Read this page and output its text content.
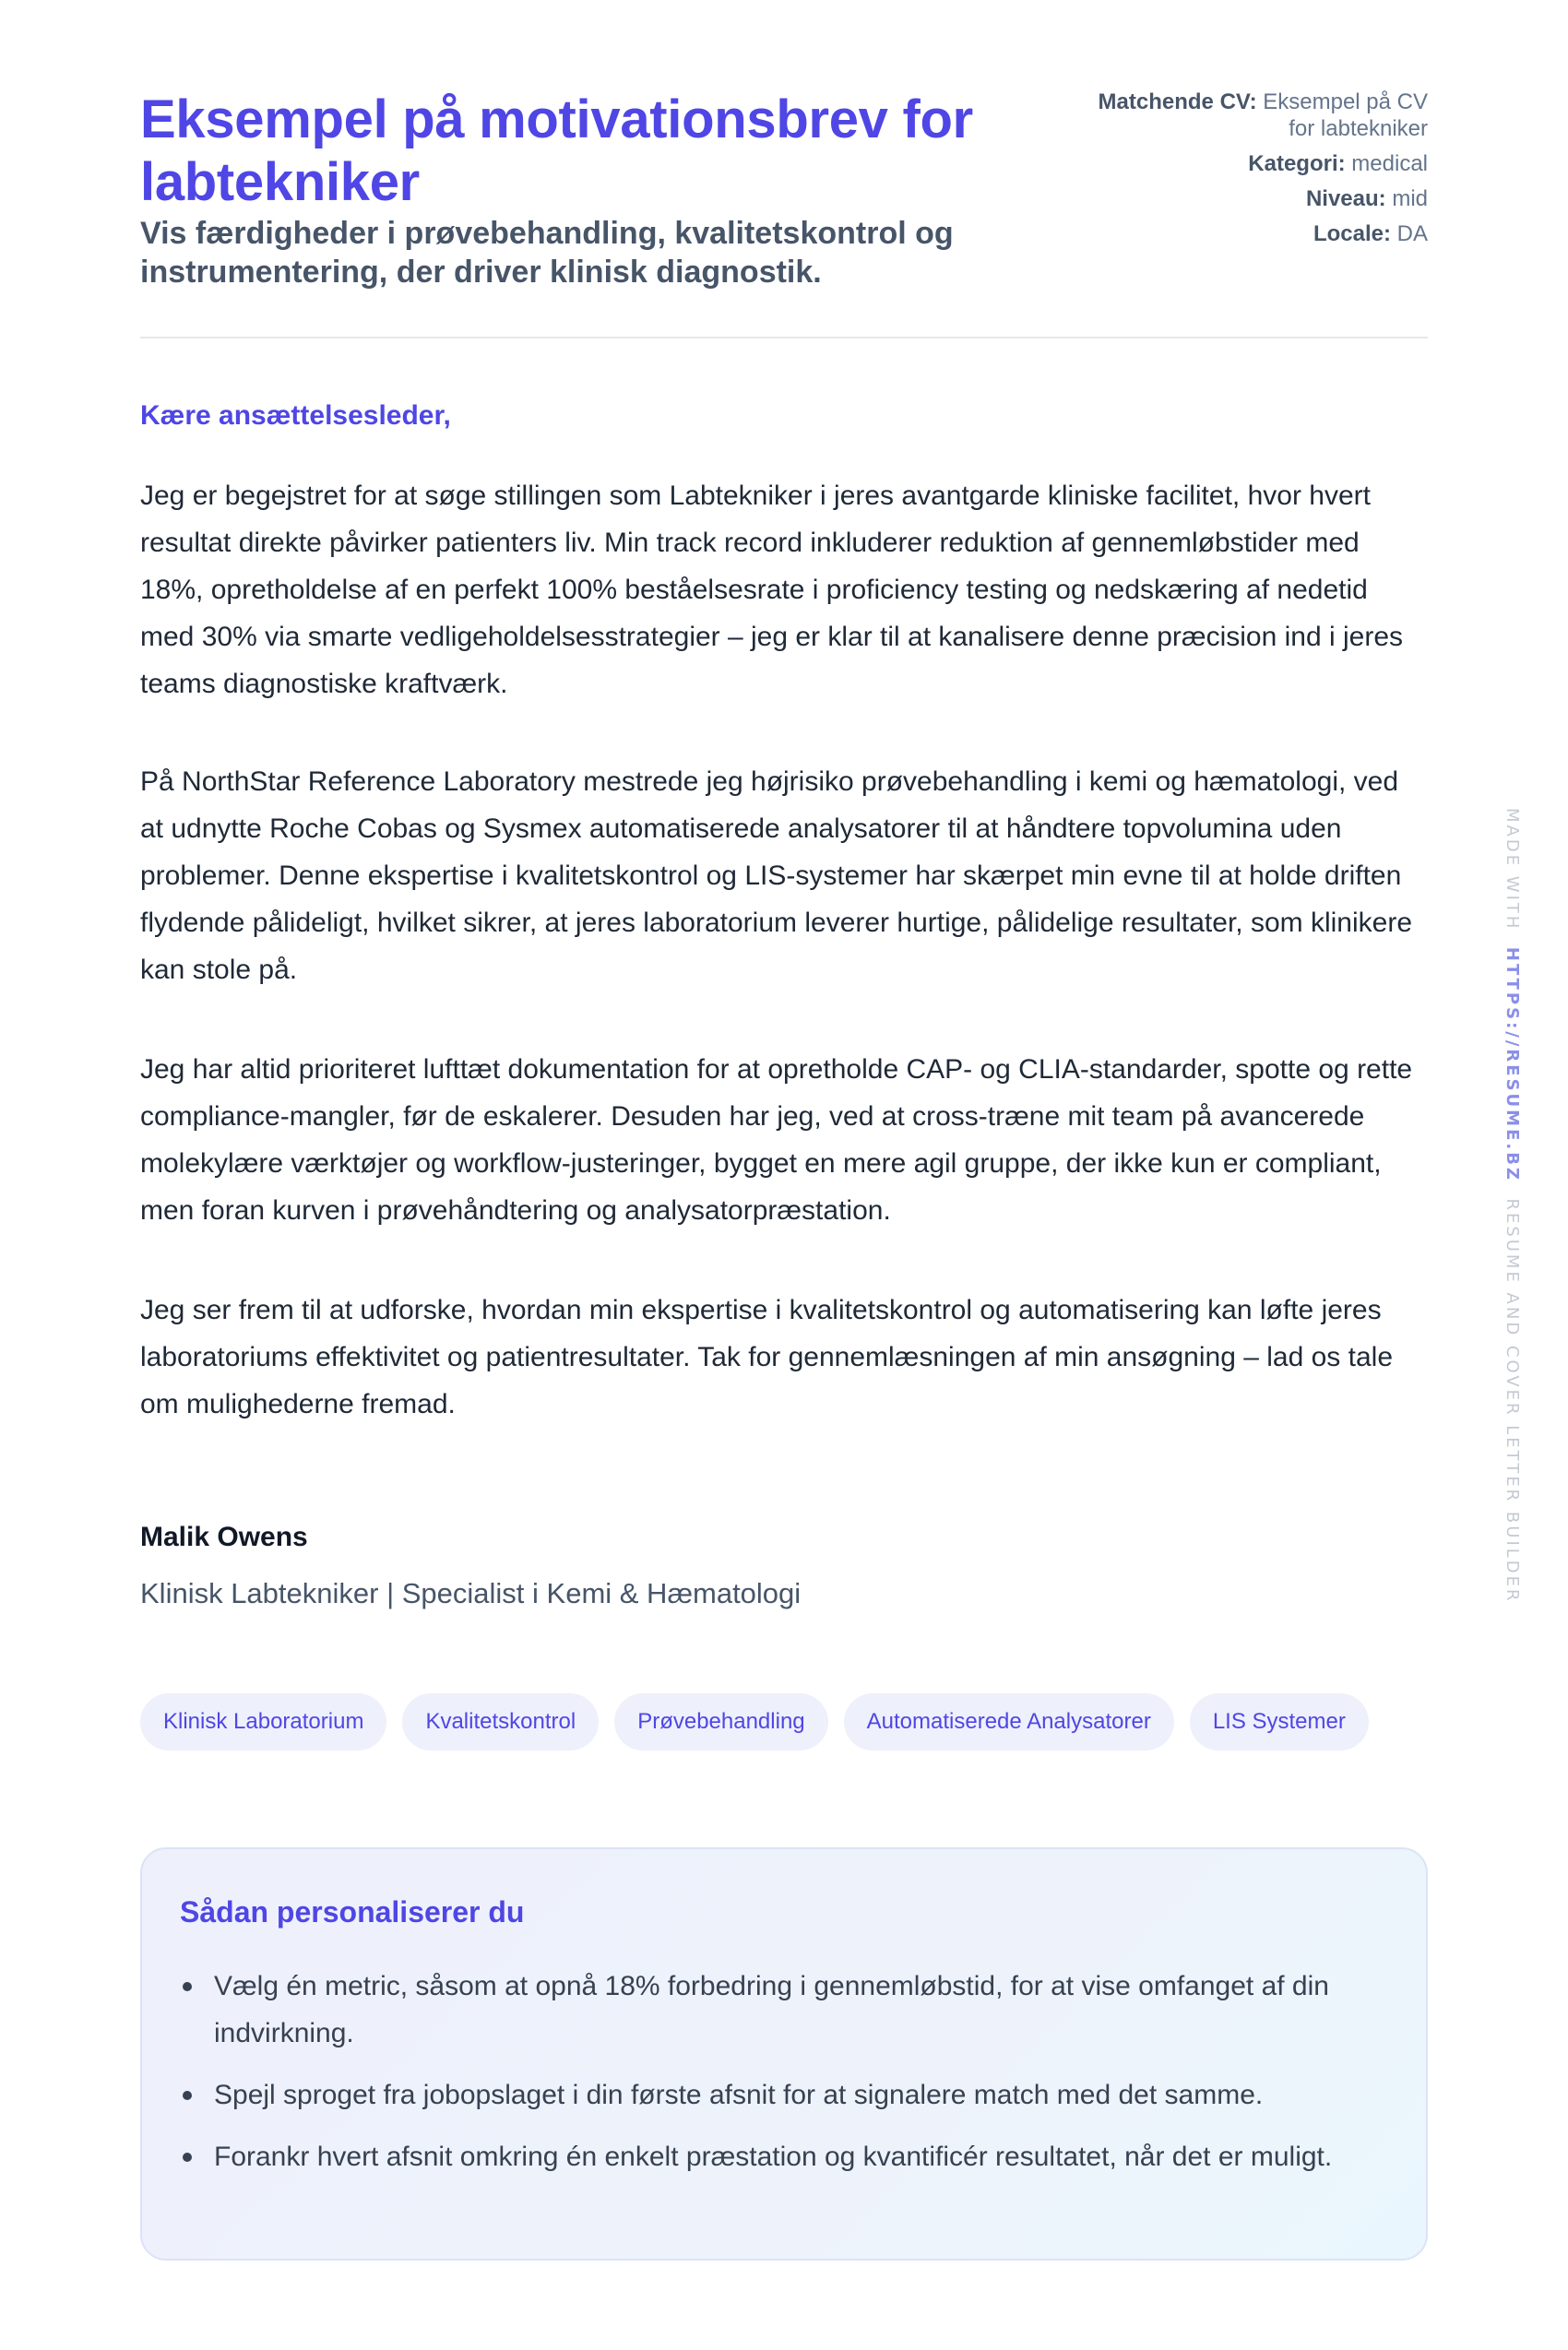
Eksempel på motivationsbrev for labtekniker
Vis færdigheder i prøvebehandling, kvalitetskontrol og instrumentering, der driver klinisk diagnostik.
Matchende CV: Eksempel på CV for labtekniker
Kategori: medical
Niveau: mid
Locale: DA
Kære ansættelsesleder,

Jeg er begejstret for at søge stillingen som Labtekniker i jeres avantgarde kliniske facilitet, hvor hvert resultat direkte påvirker patienters liv. Min track record inkluderer reduktion af gennemløbstider med 18%, opretholdelse af en perfekt 100% beståelsesrate i proficiency testing og nedskæring af nedetid med 30% via smarte vedligeholdelsesstrategier – jeg er klar til at kanalisere denne præcision ind i jeres teams diagnostiske kraftværk.

På NorthStar Reference Laboratory mestrede jeg højrisiko prøvebehandling i kemi og hæmatologi, ved at udnytte Roche Cobas og Sysmex automatiserede analysatorer til at håndtere topvolumina uden problemer. Denne ekspertise i kvalitetskontrol og LIS-systemer har skærpet min evne til at holde driften flydende pålideligt, hvilket sikrer, at jeres laboratorium leverer hurtige, pålidelige resultater, som klinikere kan stole på.

Jeg har altid prioriteret lufttæt dokumentation for at opretholde CAP- og CLIA-standarder, spotte og rette compliance-mangler, før de eskalerer. Desuden har jeg, ved at cross-træne mit team på avancerede molekylære værktøjer og workflow-justeringer, bygget en mere agil gruppe, der ikke kun er compliant, men foran kurven i prøvehåndtering og analysatorpræstation.

Jeg ser frem til at udforske, hvordan min ekspertise i kvalitetskontrol og automatisering kan løfte jeres laboratoriums effektivitet og patientresultater. Tak for gennemlæsningen af min ansøgning – lad os tale om mulighederne fremad.

Malik Owens
Klinisk Labtekniker | Specialist i Kemi & Hæmatologi
Klinisk Laboratorium	Kvalitetskontrol	Prøvebehandling	Automatiserede Analysatorer	LIS Systemer
Sådan personaliserer du
Vælg én metric, såsom at opnå 18% forbedring i gennemløbstid, for at vise omfanget af din indvirkning.
Spejl sproget fra jobopslaget i din første afsnit for at signalere match med det samme.
Forankr hvert afsnit omkring én enkelt præstation og kvantificér resultatet, når det er muligt.
MADE WITH  HTTPS://RESUME.BZ  RESUME AND COVER LETTER BUILDER
